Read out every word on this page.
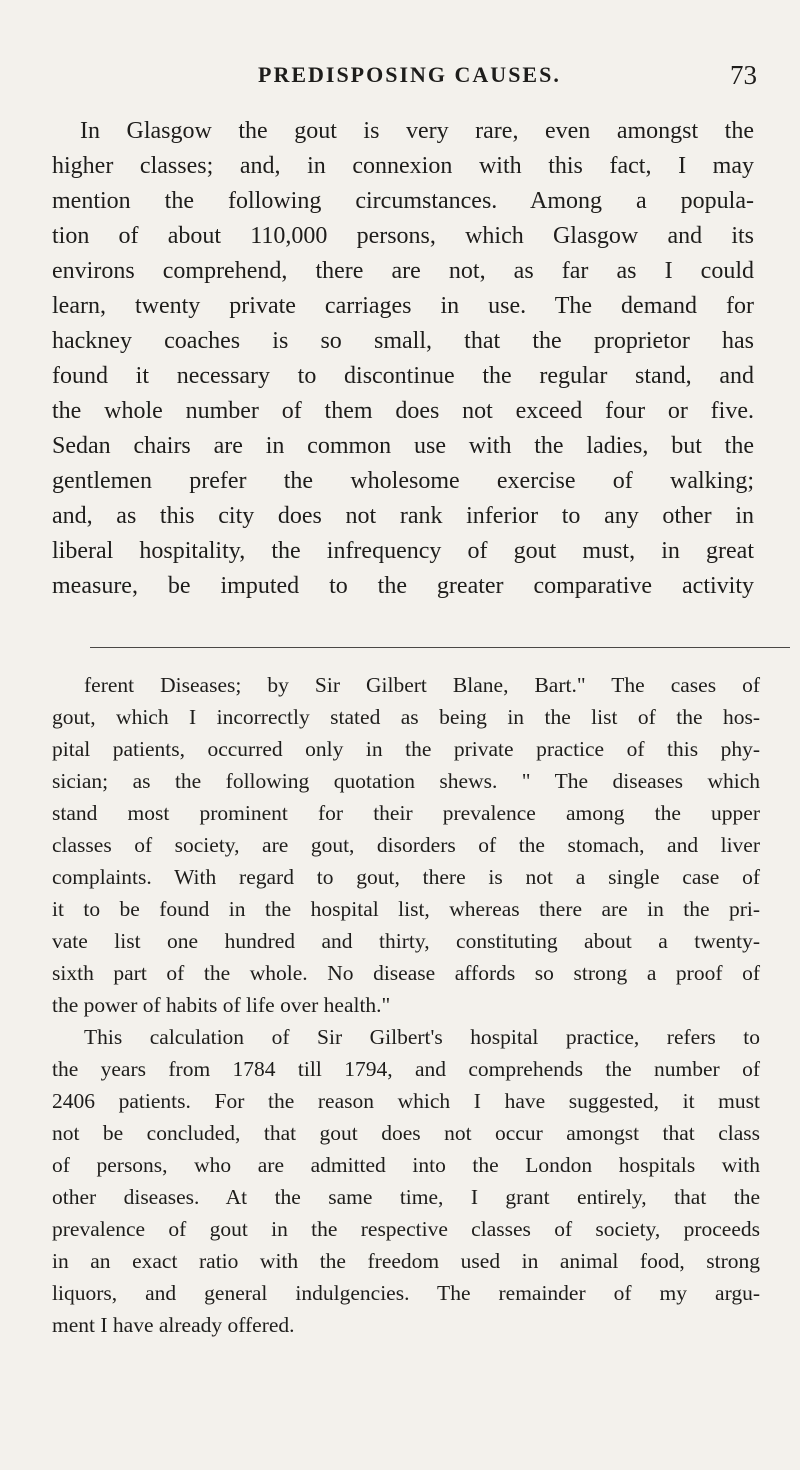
PREDISPOSING CAUSES.	73
In Glasgow the gout is very rare, even amongst the
higher classes; and, in connexion with this fact, I may
mention the following circumstances. Among a popula-
tion of about 110,000 persons, which Glasgow and its
environs comprehend, there are not, as far as I could
learn, twenty private carriages in use. The demand for
hackney coaches is so small, that the proprietor has
found it necessary to discontinue the regular stand, and
the whole number of them does not exceed four or five.
Sedan chairs are in common use with the ladies, but the
gentlemen prefer the wholesome exercise of walking;
and, as this city does not rank inferior to any other in
liberal hospitality, the infrequency of gout must, in great
measure, be imputed to the greater comparative activity
ferent Diseases; by Sir Gilbert Blane, Bart." The cases of
gout, which I incorrectly stated as being in the list of the hos-
pital patients, occurred only in the private practice of this phy-
sician; as the following quotation shews. " The diseases which
stand most prominent for their prevalence among the upper
classes of society, are gout, disorders of the stomach, and liver
complaints. With regard to gout, there is not a single case of
it to be found in the hospital list, whereas there are in the pri-
vate list one hundred and thirty, constituting about a twenty-
sixth part of the whole. No disease affords so strong a proof of
the power of habits of life over health."
This calculation of Sir Gilbert's hospital practice, refers to
the years from 1784 till 1794, and comprehends the number of
2406 patients. For the reason which I have suggested, it must
not be concluded, that gout does not occur amongst that class
of persons, who are admitted into the London hospitals with
other diseases. At the same time, I grant entirely, that the
prevalence of gout in the respective classes of society, proceeds
in an exact ratio with the freedom used in animal food, strong
liquors, and general indulgencies. The remainder of my argu-
ment I have already offered.
